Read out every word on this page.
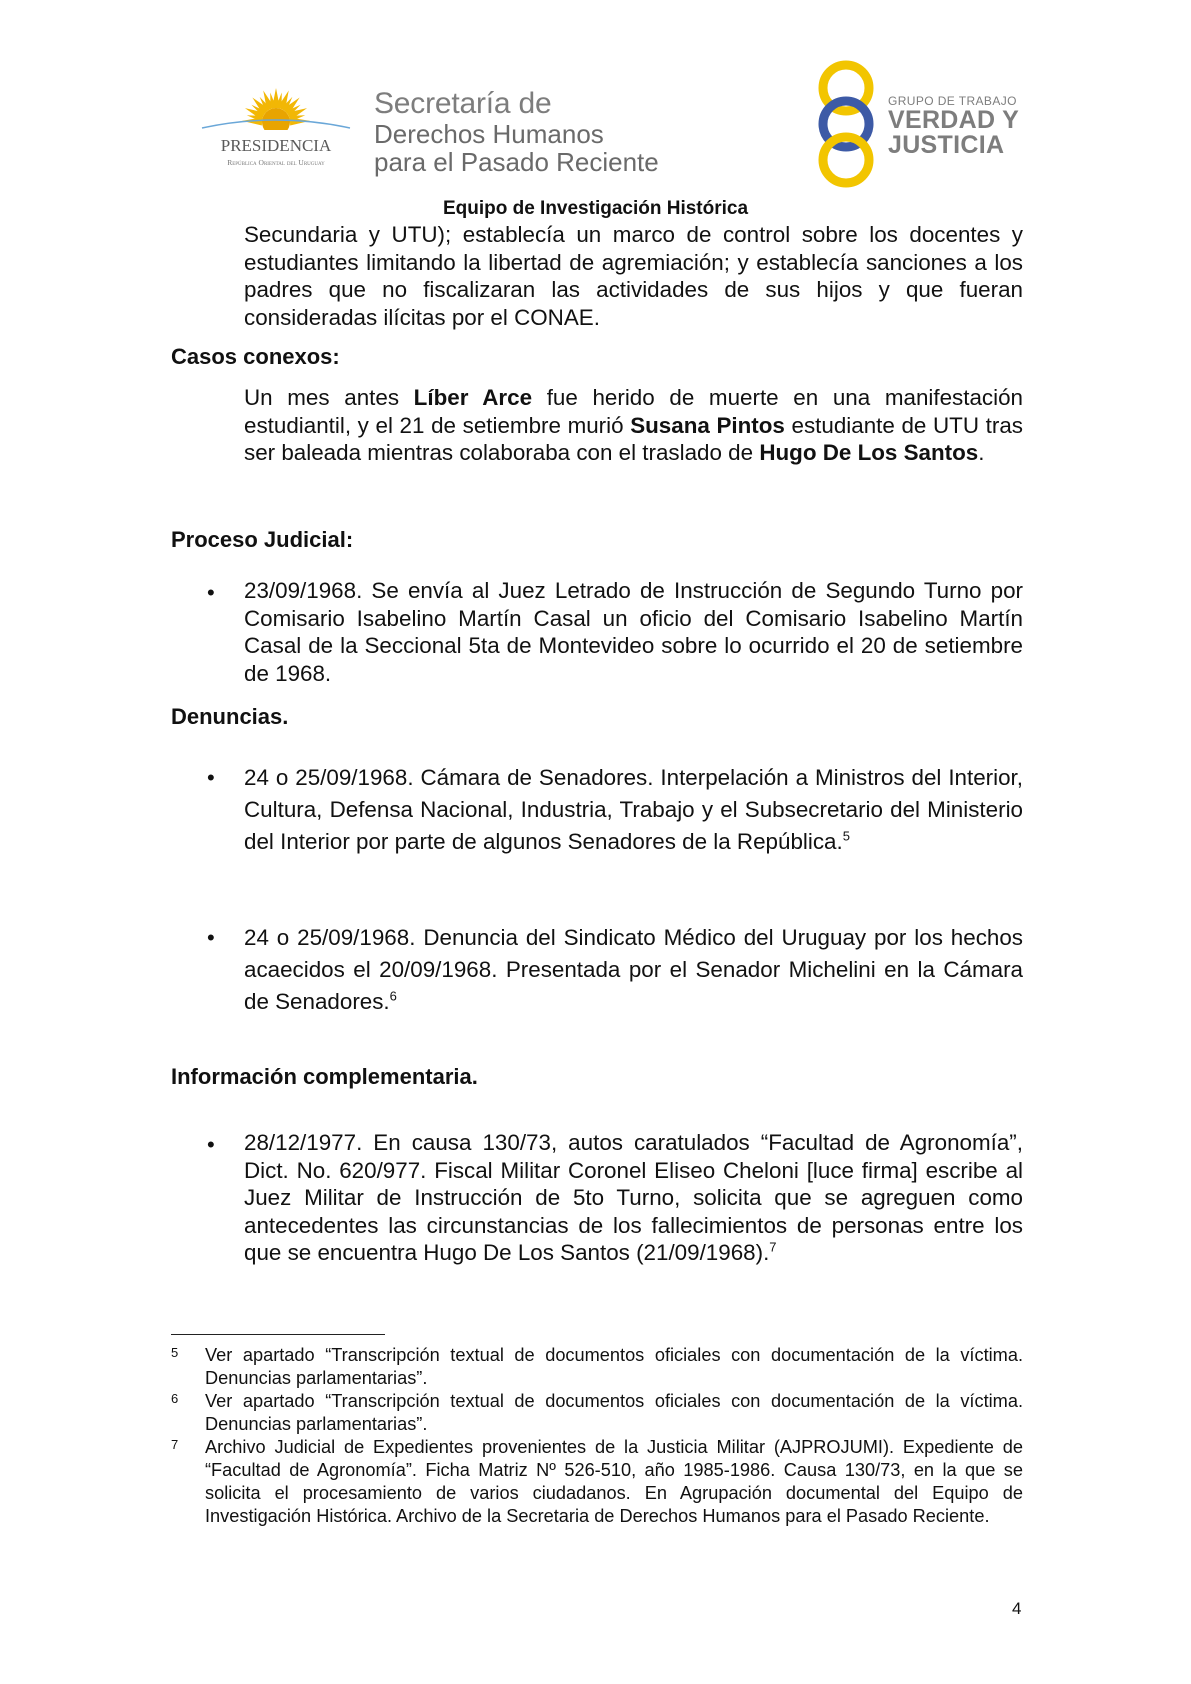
PRESIDENCIA
República Oriental del Uruguay
Secretaría de
Derechos Humanos
para el Pasado Reciente
GRUPO DE TRABAJO
VERDAD Y
JUSTICIA
Equipo de Investigación Histórica
Secundaria y UTU); establecía un marco de control sobre los docentes y estudiantes limitando la libertad de agremiación; y establecía sanciones a los padres que no fiscalizaran las actividades de sus hijos y que fueran consideradas ilícitas por el CONAE.
Casos conexos:
Un mes antes Líber Arce fue herido de muerte en una manifestación estudiantil, y el 21 de setiembre murió Susana Pintos estudiante de UTU tras ser baleada mientras colaboraba con el traslado de Hugo De Los Santos.
Proceso Judicial:
• 23/09/1968. Se envía al Juez Letrado de Instrucción de Segundo Turno por Comisario Isabelino Martín Casal un oficio del Comisario Isabelino Martín Casal de la Seccional 5ta de Montevideo sobre lo ocurrido el 20 de setiembre de 1968.
Denuncias.
• 24 o 25/09/1968. Cámara de Senadores. Interpelación a Ministros del Interior, Cultura, Defensa Nacional, Industria, Trabajo y el Subsecretario del Ministerio del Interior por parte de algunos Senadores de la República.$^5$
• 24 o 25/09/1968. Denuncia del Sindicato Médico del Uruguay por los hechos acaecidos el 20/09/1968. Presentada por el Senador Michelini en la Cámara de Senadores.$^6$
Información complementaria.
• 28/12/1977. En causa 130/73, autos caratulados “Facultad de Agronomía”, Dict. No. 620/977. Fiscal Militar Coronel Eliseo Cheloni [luce firma] escribe al Juez Militar de Instrucción de 5to Turno, solicita que se agreguen como antecedentes las circunstancias de los fallecimientos de personas entre los que se encuentra Hugo De Los Santos (21/09/1968).$^7$
5 Ver apartado “Transcripción textual de documentos oficiales con documentación de la víctima. Denuncias parlamentarias”.
6 Ver apartado “Transcripción textual de documentos oficiales con documentación de la víctima. Denuncias parlamentarias”.
7 Archivo Judicial de Expedientes provenientes de la Justicia Militar (AJPROJUMI). Expediente de “Facultad de Agronomía”. Ficha Matriz Nº 526-510, año 1985-1986. Causa 130/73, en la que se solicita el procesamiento de varios ciudadanos. En Agrupación documental del Equipo de Investigación Histórica. Archivo de la Secretaria de Derechos Humanos para el Pasado Reciente.
4
